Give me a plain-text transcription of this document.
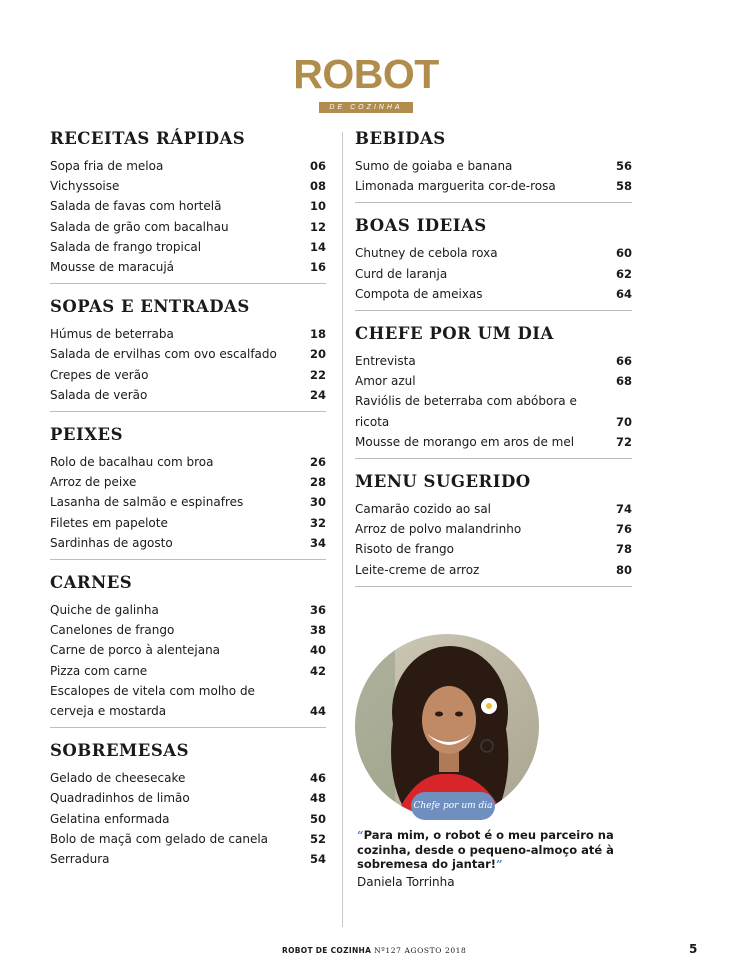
ROBOT
DE COZINHA
RECEITAS RÁPIDAS
Sopa fria de meloa	06
Vichyssoise	08
Salada de favas com hortelã	10
Salada de grão com bacalhau	12
Salada de frango tropical	14
Mousse de maracujá	16
SOPAS E ENTRADAS
Húmus de beterraba	18
Salada de ervilhas com ovo escalfado	20
Crepes de verão	22
Salada de verão	24
PEIXES
Rolo de bacalhau com broa	26
Arroz de peixe	28
Lasanha de salmão e espinafres	30
Filetes em papelote	32
Sardinhas de agosto	34
CARNES
Quiche de galinha	36
Canelones de frango	38
Carne de porco à alentejana	40
Pizza com carne	42
Escalopes de vitela com molho de cerveja e mostarda	44
SOBREMESAS
Gelado de cheesecake	46
Quadradinhos de limão	48
Gelatina enformada	50
Bolo de maçã com gelado de canela	52
Serradura	54
BEBIDAS
Sumo de goiaba e banana	56
Limonada marguerita cor-de-rosa	58
BOAS IDEIAS
Chutney de cebola roxa	60
Curd de laranja	62
Compota de ameixas	64
CHEFE POR UM DIA
Entrevista	66
Amor azul	68
Raviólis de beterraba com abóbora e ricota	70
Mousse de morango em aros de mel	72
MENU SUGERIDO
Camarão cozido ao sal	74
Arroz de polvo malandrinho	76
Risoto de frango	78
Leite-creme de arroz	80
Chefe por um dia
“Para mim, o robot é o meu parceiro na cozinha, desde o pequeno-almoço até à sobremesa do jantar!”
Daniela Torrinha
ROBOT DE COZINHA Nº127 AGOSTO 2018	5
